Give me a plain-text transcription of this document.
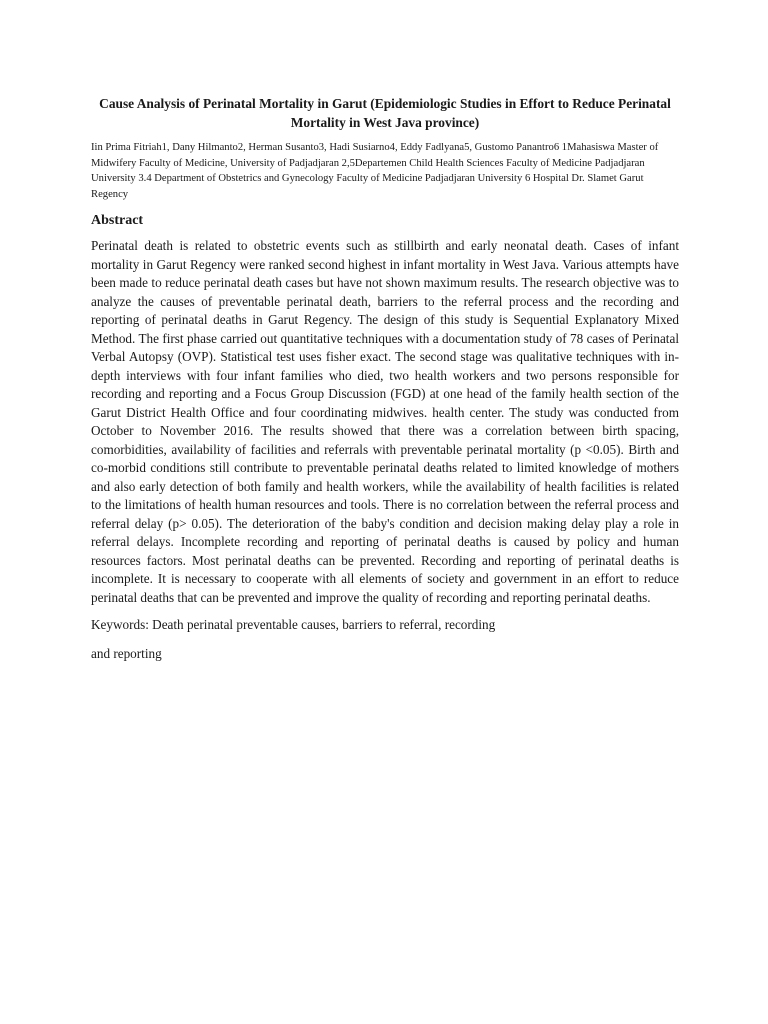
Cause Analysis of Perinatal Mortality in Garut (Epidemiologic Studies in Effort to Reduce Perinatal Mortality in West Java province)

Iin Prima Fitriah1, Dany Hilmanto2, Herman Susanto3, Hadi Susiarno4, Eddy Fadlyana5, Gustomo Panantro6 1Mahasiswa Master of Midwifery Faculty of Medicine, University of Padjadjaran 2,5Departemen Child Health Sciences Faculty of Medicine Padjadjaran University 3.4 Department of Obstetrics and Gynecology Faculty of Medicine Padjadjaran University 6 Hospital Dr. Slamet Garut Regency

Abstract

Perinatal death is related to obstetric events such as stillbirth and early neonatal death. Cases of infant mortality in Garut Regency were ranked second highest in infant mortality in West Java. Various attempts have been made to reduce perinatal death cases but have not shown maximum results. The research objective was to analyze the causes of preventable perinatal death, barriers to the referral process and the recording and reporting of perinatal deaths in Garut Regency. The design of this study is Sequential Explanatory Mixed Method. The first phase carried out quantitative techniques with a documentation study of 78 cases of Perinatal Verbal Autopsy (OVP). Statistical test uses fisher exact. The second stage was qualitative techniques with in-depth interviews with four infant families who died, two health workers and two persons responsible for recording and reporting and a Focus Group Discussion (FGD) at one head of the family health section of the Garut District Health Office and four coordinating midwives. health center. The study was conducted from October to November 2016. The results showed that there was a correlation between birth spacing, comorbidities, availability of facilities and referrals with preventable perinatal mortality (p <0.05). Birth and co-morbid conditions still contribute to preventable perinatal deaths related to limited knowledge of mothers and also early detection of both family and health workers, while the availability of health facilities is related to the limitations of health human resources and tools. There is no correlation between the referral process and referral delay (p> 0.05). The deterioration of the baby's condition and decision making delay play a role in referral delays. Incomplete recording and reporting of perinatal deaths is caused by policy and human resources factors. Most perinatal deaths can be prevented. Recording and reporting of perinatal deaths is incomplete. It is necessary to cooperate with all elements of society and government in an effort to reduce perinatal deaths that can be prevented and improve the quality of recording and reporting perinatal deaths.

Keywords: Death perinatal preventable causes, barriers to referral, recording

and reporting
